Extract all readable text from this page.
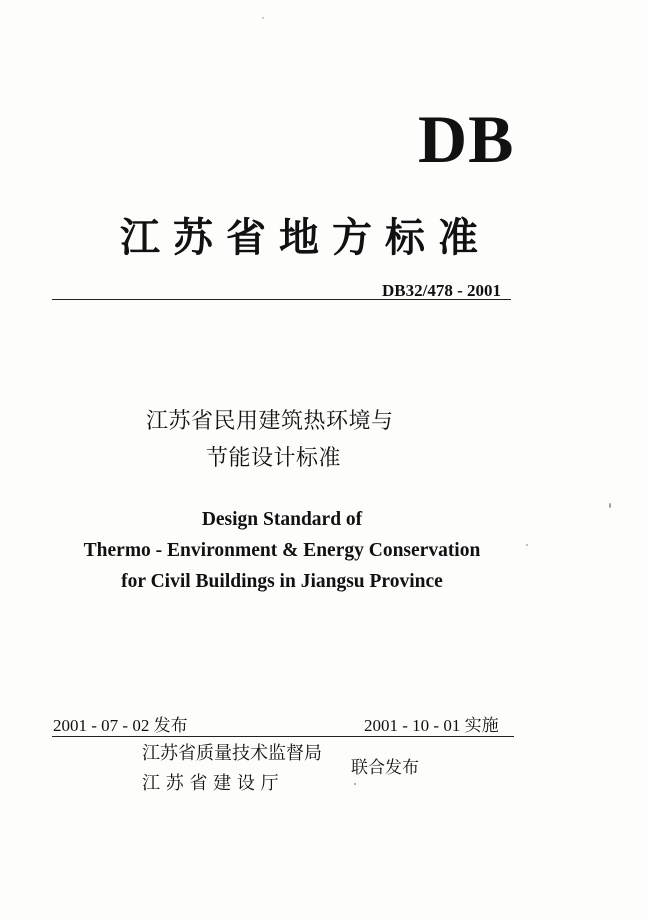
DB
江苏省地方标准
DB32/478 - 2001
江苏省民用建筑热环境与
节能设计标准
Design Standard of
Thermo - Environment & Energy Conservation
for Civil Buildings in Jiangsu Province
2001 - 07 - 02 发布	2001 - 10 - 01 实施
江苏省质量技术监督局
江 苏 省 建 设 厅
联合发布
